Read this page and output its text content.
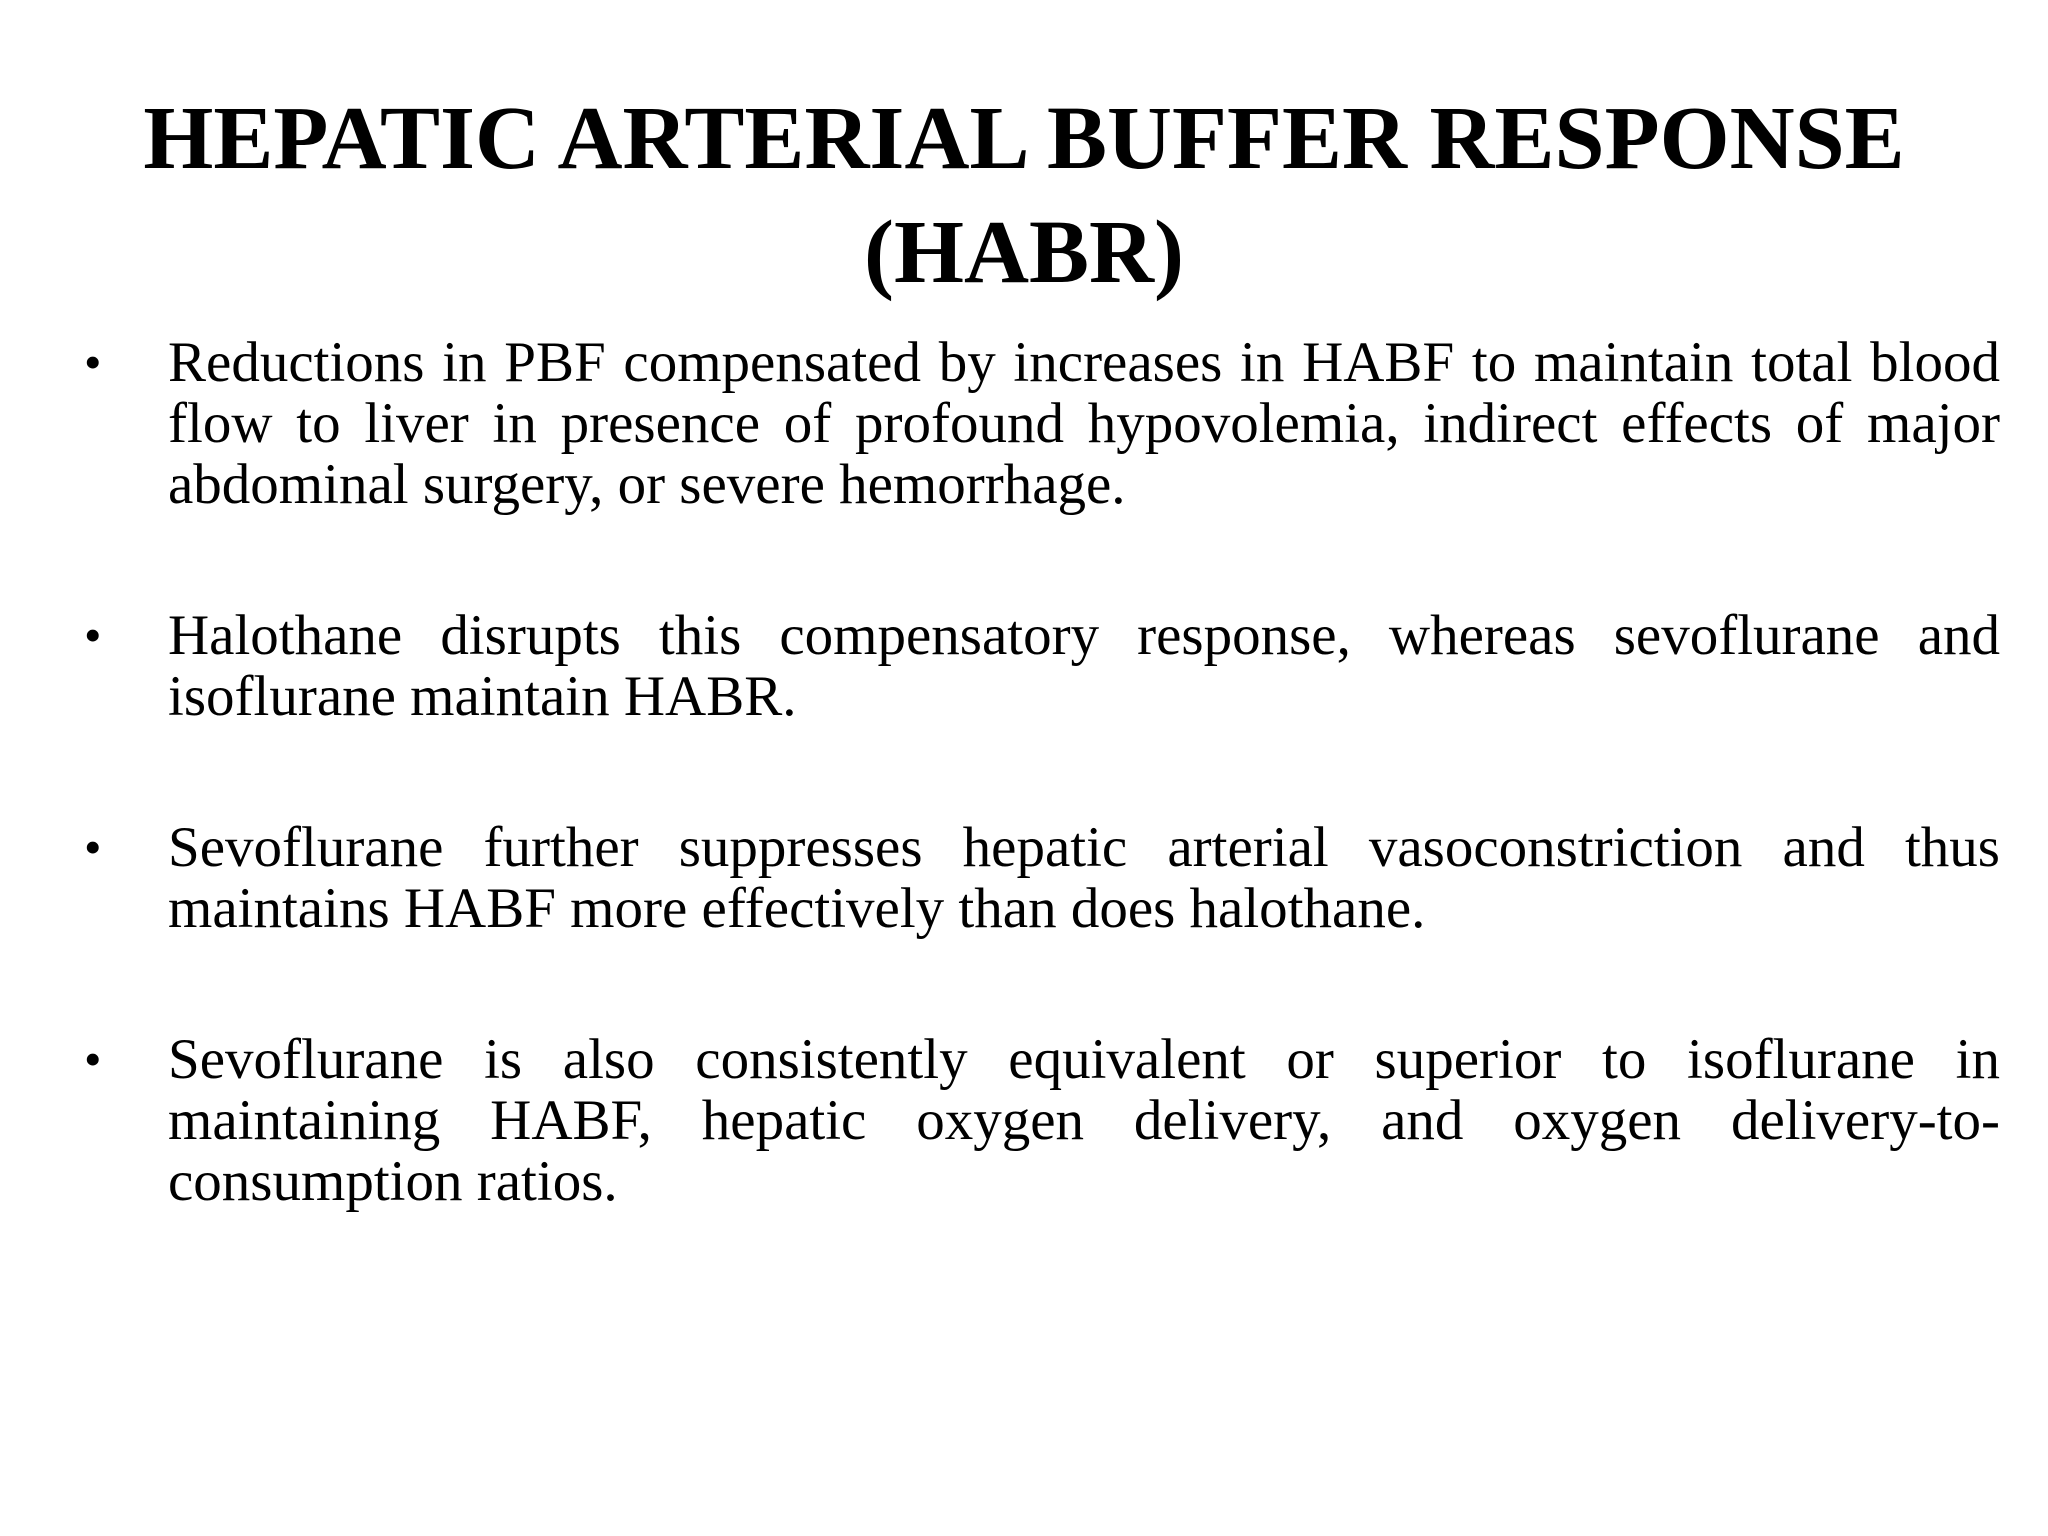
HEPATIC ARTERIAL BUFFER RESPONSE
(HABR)
•	Reductions in PBF compensated by increases in HABF to maintain total blood flow to liver in presence of profound hypovolemia, indirect effects of major abdominal surgery, or severe hemorrhage.
•	Halothane disrupts this compensatory response, whereas sevoflurane and isoflurane maintain HABR.
•	Sevoflurane further suppresses hepatic arterial vasoconstriction and thus maintains HABF more effectively than does halothane.
•	Sevoflurane is also consistently equivalent or superior to isoflurane in maintaining HABF, hepatic oxygen delivery, and oxygen delivery-to-consumption ratios.
